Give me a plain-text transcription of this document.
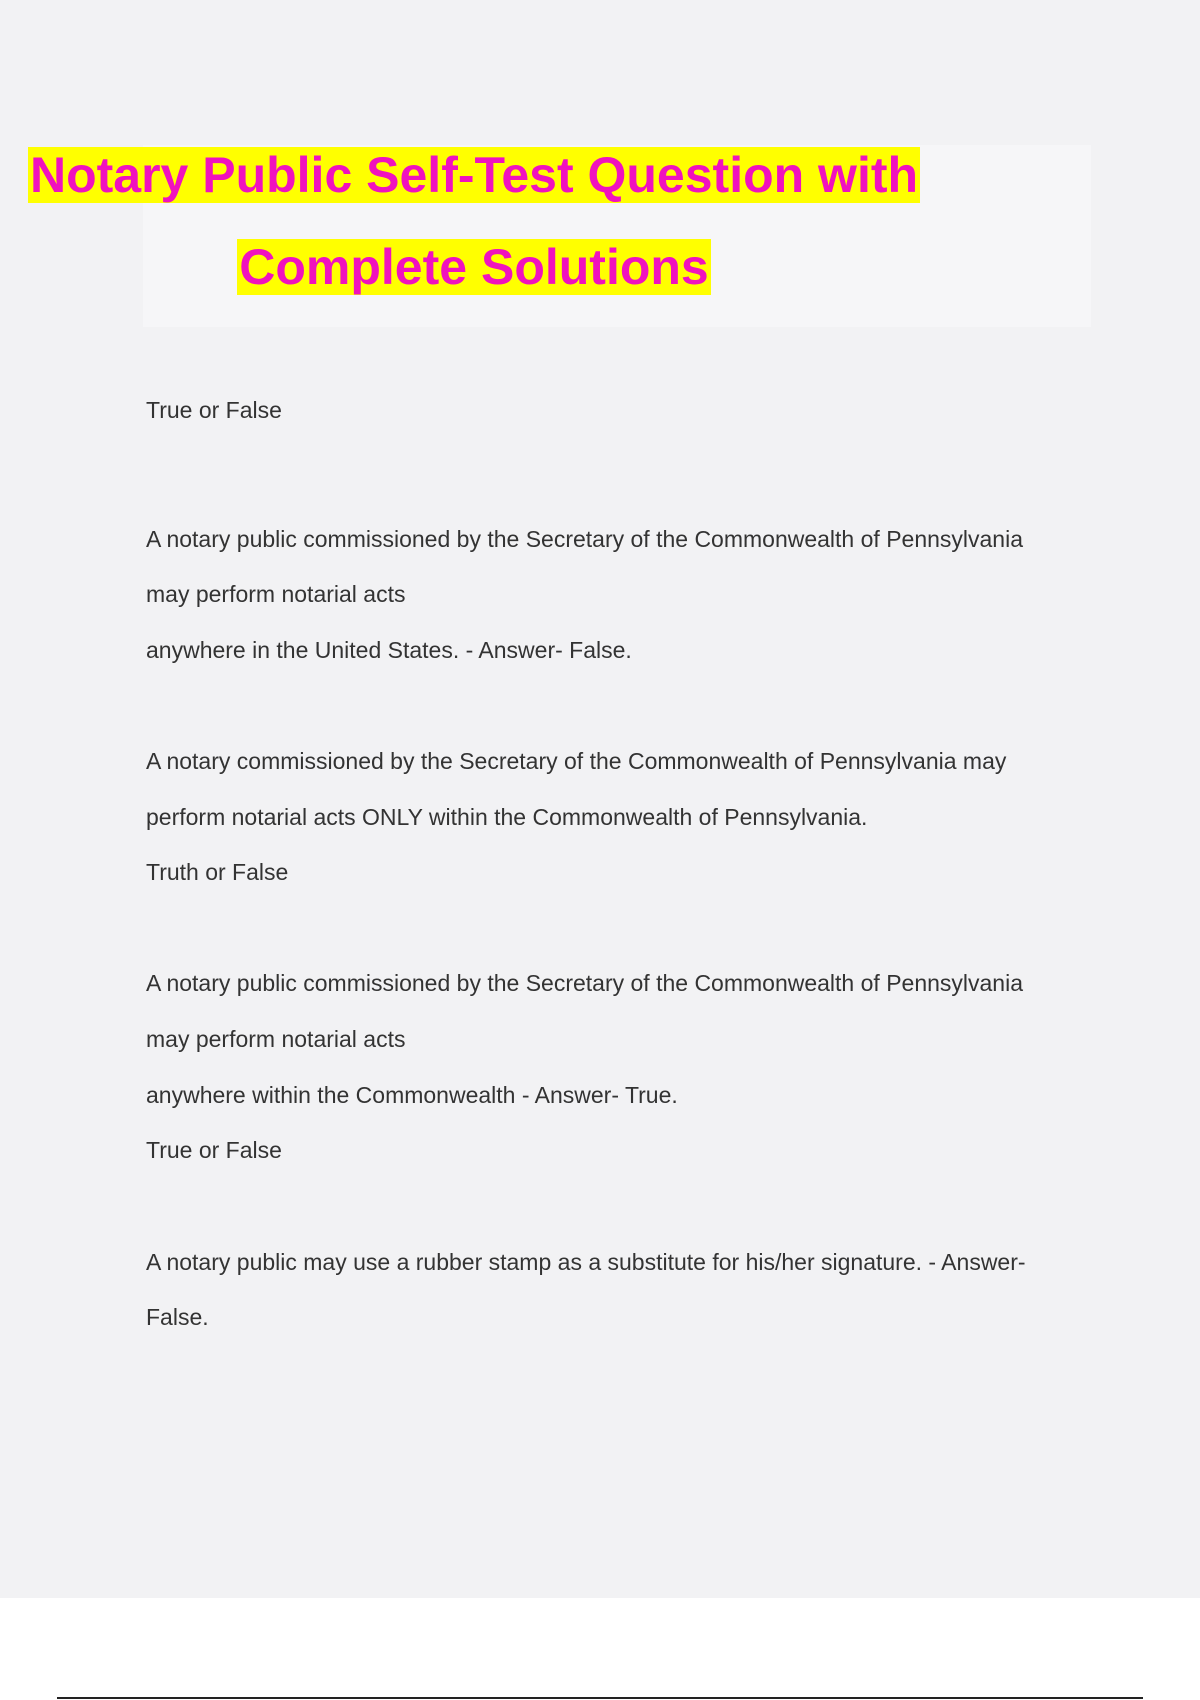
Notary Public Self-Test Question with
Complete Solutions
True or False
A notary public commissioned by the Secretary of the Commonwealth of Pennsylvania
may perform notarial acts
anywhere in the United States. - Answer- False.
A notary commissioned by the Secretary of the Commonwealth of Pennsylvania may
perform notarial acts ONLY within the Commonwealth of Pennsylvania.
Truth or False
A notary public commissioned by the Secretary of the Commonwealth of Pennsylvania
may perform notarial acts
anywhere within the Commonwealth - Answer- True.
True or False
A notary public may use a rubber stamp as a substitute for his/her signature. - Answer-
False.
